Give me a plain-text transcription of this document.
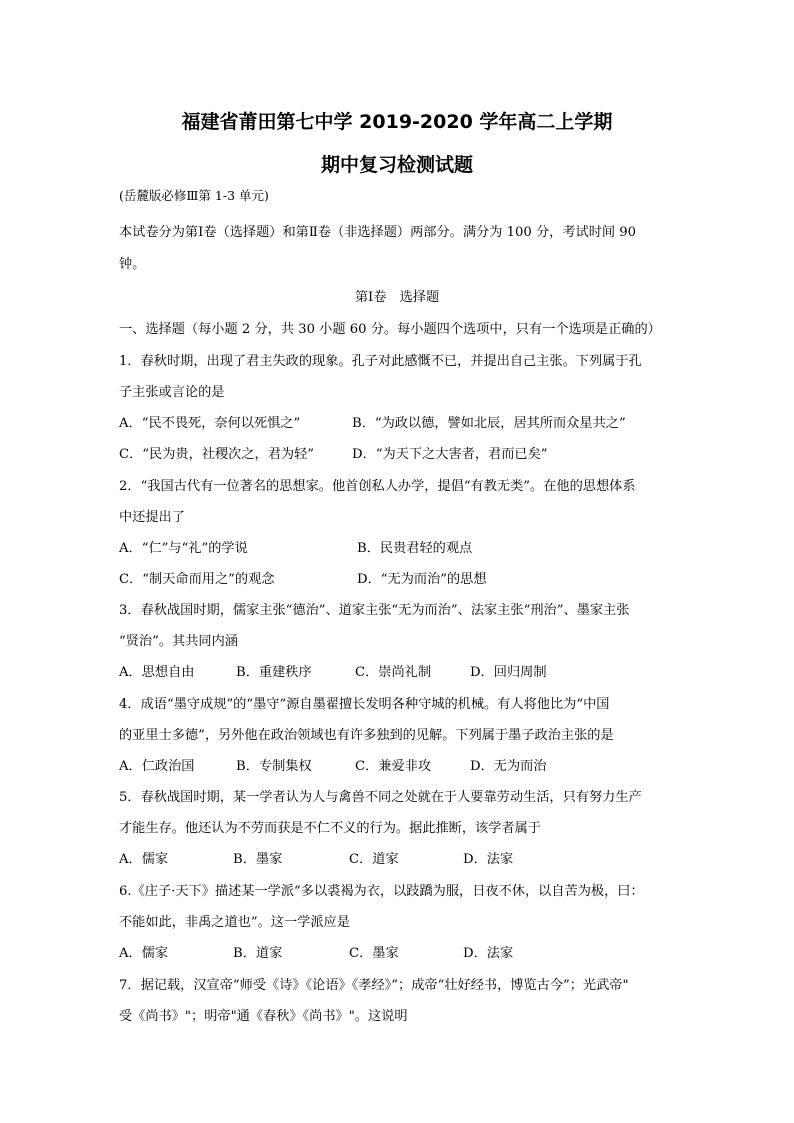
福建省莆田第七中学 2019-2020 学年高二上学期
期中复习检测试题
(岳麓版必修Ⅲ第 1-3 单元)
本试卷分为第Ⅰ卷（选择题）和第Ⅱ卷（非选择题）两部分。满分为 100 分，考试时间 90
钟。
第Ⅰ卷　选择题
一、选择题（每小题 2 分，共 30 小题 60 分。每小题四个选项中，只有一个选项是正确的）
1．春秋时期，出现了君主失政的现象。孔子对此感慨不已，并提出自己主张。下列属于孔
子主张或言论的是
A．“民不畏死，奈何以死惧之”	B．“为政以德，譬如北辰，居其所而众星共之”
C．“民为贵，社稷次之，君为轻”	D．“为天下之大害者，君而已矣”
2．“我国古代有一位著名的思想家。他首创私人办学，提倡“有教无类”。在他的思想体系
中还提出了
A．“仁”与“礼”的学说	B．民贵君轻的观点
C．“制天命而用之”的观念	D．“无为而治”的思想
3．春秋战国时期，儒家主张“德治”、道家主张“无为而治”、法家主张“刑治”、墨家主张
“贤治”。其共同内涵
A．思想自由	B．重建秩序	C．崇尚礼制	D．回归周制
4．成语“墨守成规”的“墨守”源自墨翟擅长发明各种守城的机械。有人将他比为“中国
的亚里士多德”，另外他在政治领域也有许多独到的见解。下列属于墨子政治主张的是
A．仁政治国	B．专制集权	C．兼爱非攻	D．无为而治
5．春秋战国时期，某一学者认为人与禽兽不同之处就在于人要靠劳动生活，只有努力生产
才能生存。他还认为不劳而获是不仁不义的行为。据此推断，该学者属于
A．儒家	B．墨家	C．道家	D．法家
6.《庄子·天下》描述某一学派“多以裘褐为衣，以跂蹻为服，日夜不休，以自苦为极，曰：
不能如此，非禹之道也”。这一学派应是
A．儒家	B．道家	C．墨家	D．法家
7．据记载，汉宣帝“师受《诗》《论语》《孝经》”；成帝“壮好经书，博览古今”；光武帝"
受《尚书》"；明帝"通《春秋》《尚书》"。这说明
